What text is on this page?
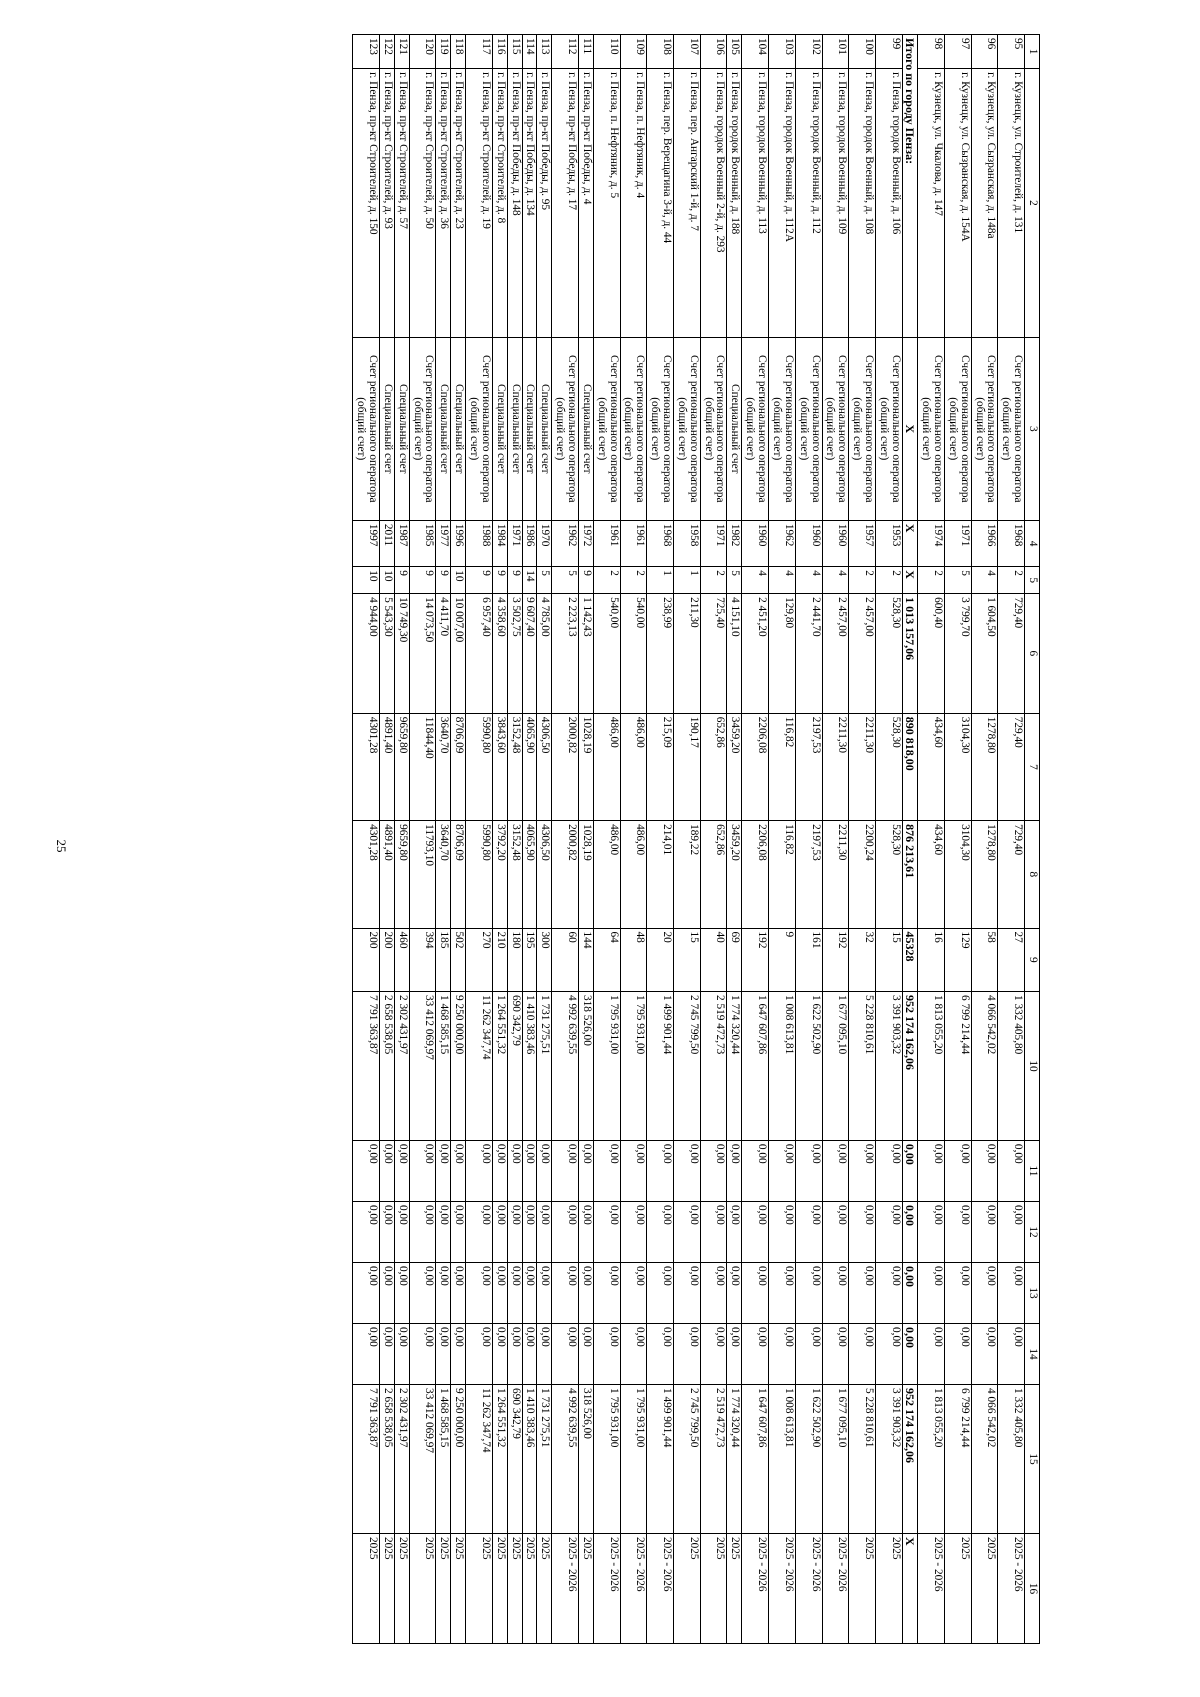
25
1	2	3	4	5	6	7	8	9	10	11	12	13	14	15	16
95	г. Кузнецк, ул. Строителей, д. 131	Счет регионального оператора (общий счет)	1968	2	729,40	729,40	729,40	27	1 332 405,80	0,00	0,00	0,00	0,00	1 332 405,80	2025 - 2026
96	г. Кузнецк, ул. Сызранская, д. 148а	Счет регионального оператора (общий счет)	1966	4	1 604,50	1278,80	1278,80	58	4 066 542,02	0,00	0,00	0,00	0,00	4 066 542,02	2025
97	г. Кузнецк, ул. Сызранская, д. 154А	Счет регионального оператора (общий счет)	1971	5	3 799,70	3104,30	3104,30	129	6 799 214,44	0,00	0,00	0,00	0,00	6 799 214,44	2025
98	г. Кузнецк, ул. Чкалова, д. 147	Счет регионального оператора (общий счет)	1974	2	600,40	434,60	434,60	16	1 813 055,20	0,00	0,00	0,00	0,00	1 813 055,20	2025 - 2026
Итого по городу Пенза:		X	X	X	1 013 157,06	890 818,00	876 213,61	45328	952 174 162,06	0,00	0,00	0,00	0,00	952 174 162,06	X
99	г. Пенза, городок Военный, д. 106	Счет регионального оператора (общий счет)	1953	2	528,30	528,30	528,30	15	3 391 903,32	0,00	0,00	0,00	0,00	3 391 903,32	2025
100	г. Пенза, городок Военный, д. 108	Счет регионального оператора (общий счет)	1957	2	2 457,00	2211,30	2200,24	32	5 228 810,61	0,00	0,00	0,00	0,00	5 228 810,61	2025
101	г. Пенза, городок Военный, д. 109	Счет регионального оператора (общий счет)	1960	4	2 457,00	2211,30	2211,30	192	1 677 095,10	0,00	0,00	0,00	0,00	1 677 095,10	2025 - 2026
102	г. Пенза, городок Военный, д. 112	Счет регионального оператора (общий счет)	1960	4	2 441,70	2197,53	2197,53	161	1 622 502,90	0,00	0,00	0,00	0,00	1 622 502,90	2025 - 2026
103	г. Пенза, городок Военный, д. 112А	Счет регионального оператора (общий счет)	1962	4	129,80	116,82	116,82	9	1 008 613,81	0,00	0,00	0,00	0,00	1 008 613,81	2025 - 2026
104	г. Пенза, городок Военный, д. 113	Счет регионального оператора (общий счет)	1960	4	2 451,20	2206,08	2206,08	192	1 647 607,86	0,00	0,00	0,00	0,00	1 647 607,86	2025 - 2026
105	г. Пенза, городок Военный, д. 188	Специальный счет	1982	5	4 151,10	3459,20	3459,20	69	1 774 320,44	0,00	0,00	0,00	0,00	1 774 320,44	2025
106	г. Пенза, городок Военный 2-й, д. 293	Счет регионального оператора (общий счет)	1971	2	725,40	652,86	652,86	40	2 519 472,73	0,00	0,00	0,00	0,00	2 519 472,73	2025
107	г. Пенза, пер. Ангарский 1-й, д. 7	Счет регионального оператора (общий счет)	1958	1	211,30	190,17	189,22	15	2 745 799,50	0,00	0,00	0,00	0,00	2 745 799,50	2025
108	г. Пенза, пер. Верещагина 3-й, д. 44	Счет регионального оператора (общий счет)	1968	1	238,99	215,09	214,01	20	1 499 901,44	0,00	0,00	0,00	0,00	1 499 901,44	2025 - 2026
109	г. Пенза, п. Нефтяник, д. 4	Счет регионального оператора (общий счет)	1961	2	540,00	486,00	486,00	48	1 795 931,00	0,00	0,00	0,00	0,00	1 795 931,00	2025 - 2026
110	г. Пенза, п. Нефтяник, д. 5	Счет регионального оператора (общий счет)	1961	2	540,00	486,00	486,00	64	1 795 931,00	0,00	0,00	0,00	0,00	1 795 931,00	2025 - 2026
111	г. Пенза, пр-кт Победы, д. 4	Специальный счет	1972	9	1 142,43	1028,19	1028,19	144	318 526,00	0,00	0,00	0,00	0,00	318 526,00	2025
112	г. Пенза, пр-кт Победы, д. 17	Счет регионального оператора (общий счет)	1962	5	2 223,13	2000,82	2000,82	60	4 992 639,55	0,00	0,00	0,00	0,00	4 992 639,55	2025 - 2026
113	г. Пенза, пр-кт Победы, д. 95	Специальный счет	1970	5	4 785,00	4306,50	4306,50	300	1 731 275,51	0,00	0,00	0,00	0,00	1 731 275,51	2025
114	г. Пенза, пр-кт Победы, д. 134	Специальный счет	1986	14	9 607,40	4065,90	4065,90	195	1 410 383,46	0,00	0,00	0,00	0,00	1 410 383,46	2025
115	г. Пенза, пр-кт Победы, д. 148	Специальный счет	1971	9	3 502,75	3152,48	3152,48	180	690 342,79	0,00	0,00	0,00	0,00	690 342,79	2025
116	г. Пенза, пр-кт Строителей, д. 8	Специальный счет	1984	9	4 358,60	3843,60	3792,20	210	1 264 551,32	0,00	0,00	0,00	0,00	1 264 551,32	2025
117	г. Пенза, пр-кт Строителей, д. 19	Счет регионального оператора (общий счет)	1988	9	6 957,40	5990,80	5990,80	270	11 262 347,74	0,00	0,00	0,00	0,00	11 262 347,74	2025
118	г. Пенза, пр-кт Строителей, д. 23	Специальный счет	1996	10	10 007,00	8706,09	8706,09	502	9 250 000,00	0,00	0,00	0,00	0,00	9 250 000,00	2025
119	г. Пенза, пр-кт Строителей, д. 36	Специальный счет	1977	9	4 411,70	3640,70	3640,70	185	1 468 585,15	0,00	0,00	0,00	0,00	1 468 585,15	2025
120	г. Пенза, пр-кт Строителей, д. 50	Счет регионального оператора (общий счет)	1985	9	14 073,50	11844,40	11793,10	394	33 412 069,97	0,00	0,00	0,00	0,00	33 412 069,97	2025
121	г. Пенза, пр-кт Строителей, д. 57	Специальный счет	1987	9	10 749,30	9659,80	9659,80	460	2 302 431,97	0,00	0,00	0,00	0,00	2 302 431,97	2025
122	г. Пенза, пр-кт Строителей, д. 93	Специальный счет	2011	10	5 543,30	4891,40	4891,40	200	2 658 538,05	0,00	0,00	0,00	0,00	2 658 538,05	2025
123	г. Пенза, пр-кт Строителей, д. 150	Счет регионального оператора (общий счет)	1997	10	4 944,00	4301,28	4301,28	200	7 791 363,87	0,00	0,00	0,00	0,00	7 791 363,87	2025
